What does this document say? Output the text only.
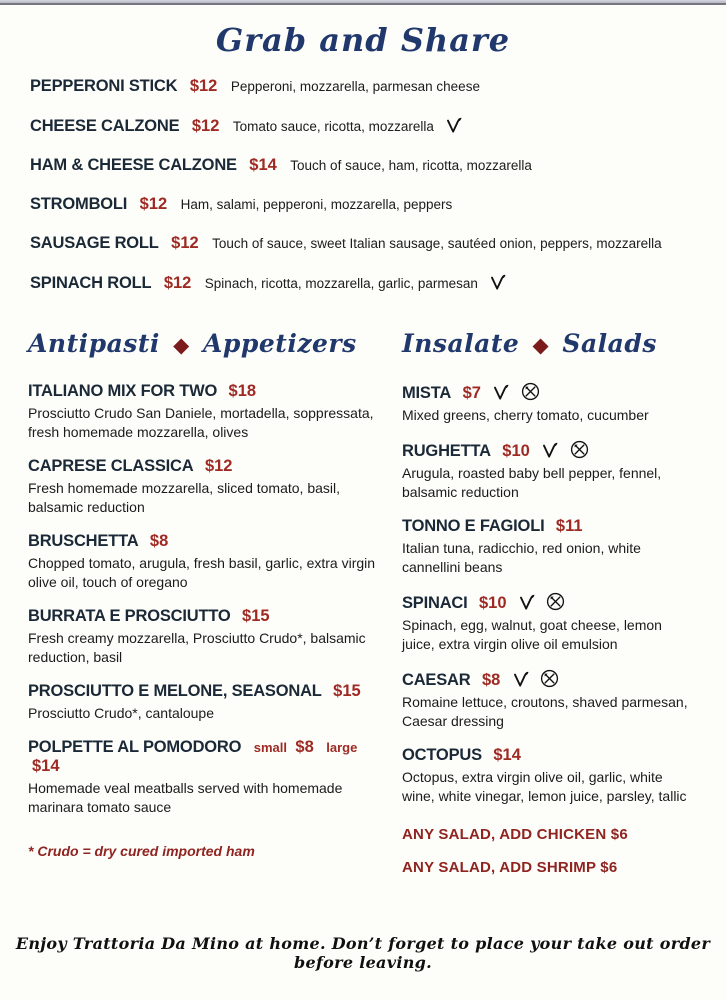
Grab and Share
PEPPERONI STICK $12 Pepperoni, mozzarella, parmesan cheese
CHEESE CALZONE $12 Tomato sauce, ricotta, mozzarella
HAM & CHEESE CALZONE $14 Touch of sauce, ham, ricotta, mozzarella
STROMBOLI $12 Ham, salami, pepperoni, mozzarella, peppers
SAUSAGE ROLL $12 Touch of sauce, sweet Italian sausage, sautéed onion, peppers, mozzarella
SPINACH ROLL $12 Spinach, ricotta, mozzarella, garlic, parmesan
Antipasti ◆ Appetizers
ITALIANO MIX FOR TWO $18

Prosciutto Crudo San Daniele, mortadella, soppressata, fresh homemade mozzarella, olives

CAPRESE CLASSICA $12

Fresh homemade mozzarella, sliced tomato, basil, balsamic reduction

BRUSCHETTA $8

Chopped tomato, arugula, fresh basil, garlic, extra virgin olive oil, touch of oregano

BURRATA E PROSCIUTTO $15

Fresh creamy mozzarella, Prosciutto Crudo*, balsamic reduction, basil

PROSCIUTTO E MELONE, SEASONAL $15

Prosciutto Crudo*, cantaloupe

POLPETTE AL POMODORO small $8 large $14

Homemade veal meatballs served with homemade marinara tomato sauce

* Crudo = dry cured imported ham

Insalate ◆ Salads
MISTA $7

Mixed greens, cherry tomato, cucumber

RUGHETTA $10

Arugula, roasted baby bell pepper, fennel, balsamic reduction

TONNO E FAGIOLI $11

Italian tuna, radicchio, red onion, white cannellini beans

SPINACI $10

Spinach, egg, walnut, goat cheese, lemon juice, extra virgin olive oil emulsion

CAESAR $8

Romaine lettuce, croutons, shaved parmesan, Caesar dressing

OCTOPUS $14

Octopus, extra virgin olive oil, garlic, white wine, white vinegar, lemon juice, parsley, tallic

ANY SALAD, ADD CHICKEN $6

ANY SALAD, ADD SHRIMP $6

Enjoy Trattoria Da Mino at home. Don’t forget to place your take out order before leaving.
